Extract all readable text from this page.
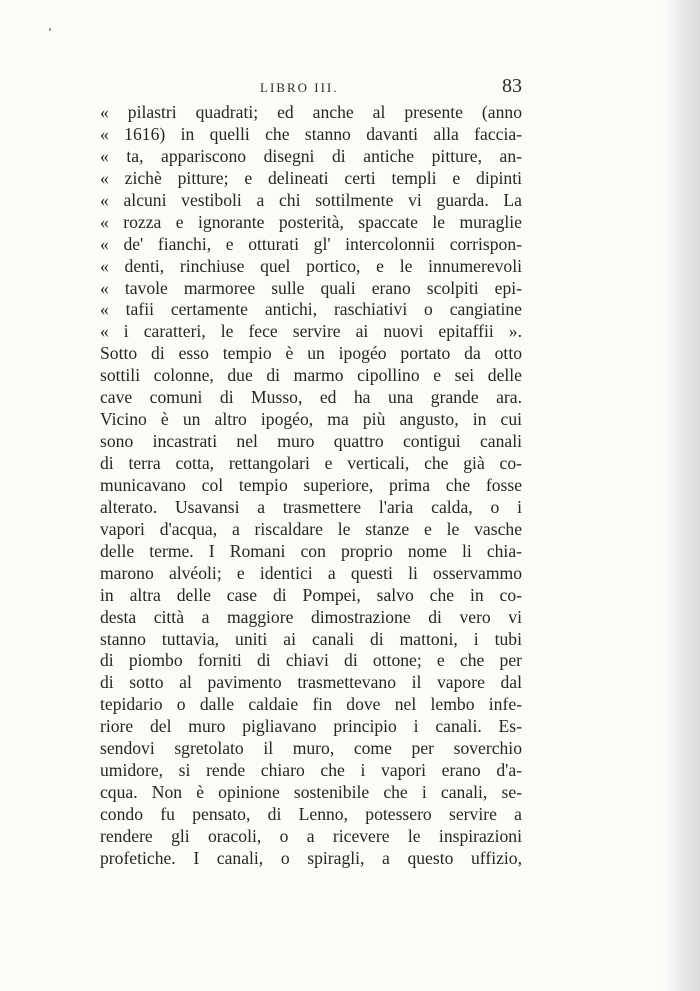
LIBRO III.	83
« pilastri quadrati; ed anche al presente (anno
« 1616) in quelli che stanno davanti alla faccia-
« ta, appariscono disegni di antiche pitture, an-
« zichè pitture; e delineati certi templi e dipinti
« alcuni vestiboli a chi sottilmente vi guarda. La
« rozza e ignorante posterità, spaccate le muraglie
« de' fianchi, e otturati gl' intercolonnii corrispon-
« denti, rinchiuse quel portico, e le innumerevoli
« tavole marmoree sulle quali erano scolpiti epi-
« tafii certamente antichi, raschiativi o cangiatine
« i caratteri, le fece servire ai nuovi epitaffii ».
Sotto di esso tempio è un ipogéo portato da otto
sottili colonne, due di marmo cipollino e sei delle
cave comuni di Musso, ed ha una grande ara.
Vicino è un altro ipogéo, ma più angusto, in cui
sono incastrati nel muro quattro contigui canali
di terra cotta, rettangolari e verticali, che già co-
municavano col tempio superiore, prima che fosse
alterato. Usavansi a trasmettere l'aria calda, o i
vapori d'acqua, a riscaldare le stanze e le vasche
delle terme. I Romani con proprio nome li chia-
marono alvéoli; e identici a questi li osservammo
in altra delle case di Pompei, salvo che in co-
desta città a maggiore dimostrazione di vero vi
stanno tuttavia, uniti ai canali di mattoni, i tubi
di piombo forniti di chiavi di ottone; e che per
di sotto al pavimento trasmettevano il vapore dal
tepidario o dalle caldaie fin dove nel lembo infe-
riore del muro pigliavano principio i canali. Es-
sendovi sgretolato il muro, come per soverchio
umidore, si rende chiaro che i vapori erano d'a-
cqua. Non è opinione sostenibile che i canali, se-
condo fu pensato, di Lenno, potessero servire a
rendere gli oracoli, o a ricevere le inspirazioni
profetiche. I canali, o spiragli, a questo uffizio,
